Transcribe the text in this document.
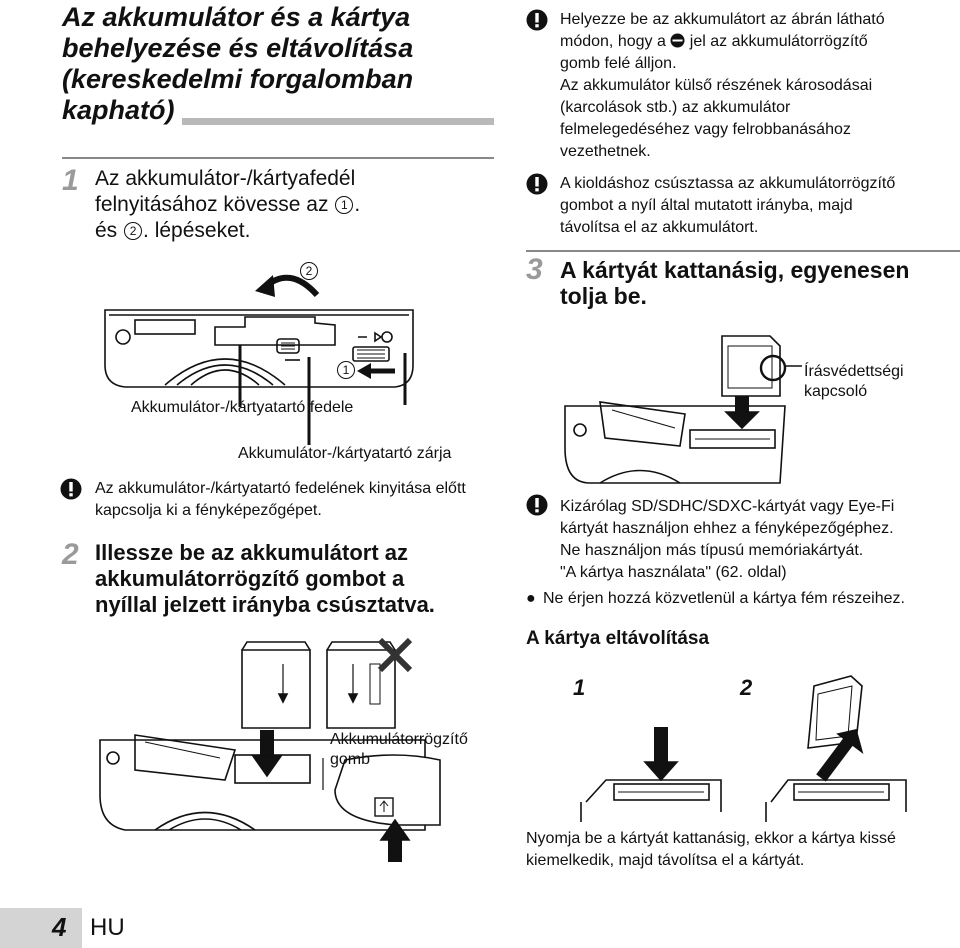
Az akkumulátor és a kártya
behelyezése és eltávolítása
(kereskedelmi forgalomban
kapható)
1 Az akkumulátor-/kártyafedél
felnyitásához kövesse az 1 .
és 2 . lépéseket.
2
1
Akkumulátor-/kártyatartó fedele
Akkumulátor-/kártyatartó zárja
Az akkumulátor-/kártyatartó fedelének kinyitása előtt kapcsolja ki a fényképezőgépet.
2 Illessze be az akkumulátort az
akkumulátorrögzítő gombot a
nyíllal jelzett irányba csúsztatva.
Akkumulátorrögzítő
gomb
4 HU
Helyezze be az akkumulátort az ábrán látható
módon, hogy a jel az akkumulátorrögzítő
gomb felé álljon.
Az akkumulátor külső részének károsodásai
(karcolások stb.) az akkumulátor
felmelegedéséhez vagy felrobbanásához
vezethetnek.
A kioldáshoz csúsztassa az akkumulátorrögzítő
gombot a nyíl által mutatott irányba, majd
távolítsa el az akkumulátort.
3 A kártyát kattanásig, egyenesen
tolja be.
Írásvédettségi
kapcsoló
Kizárólag SD/SDHC/SDXC-kártyát vagy Eye-Fi
kártyát használjon ehhez a fényképezőgéphez.
Ne használjon más típusú memóriakártyát.
"A kártya használata" (62. oldal)
● Ne érjen hozzá közvetlenül a kártya fém részeihez.
A kártya eltávolítása
1	2
Nyomja be a kártyát kattanásig, ekkor a kártya kissé
kiemelkedik, majd távolítsa el a kártyát.
